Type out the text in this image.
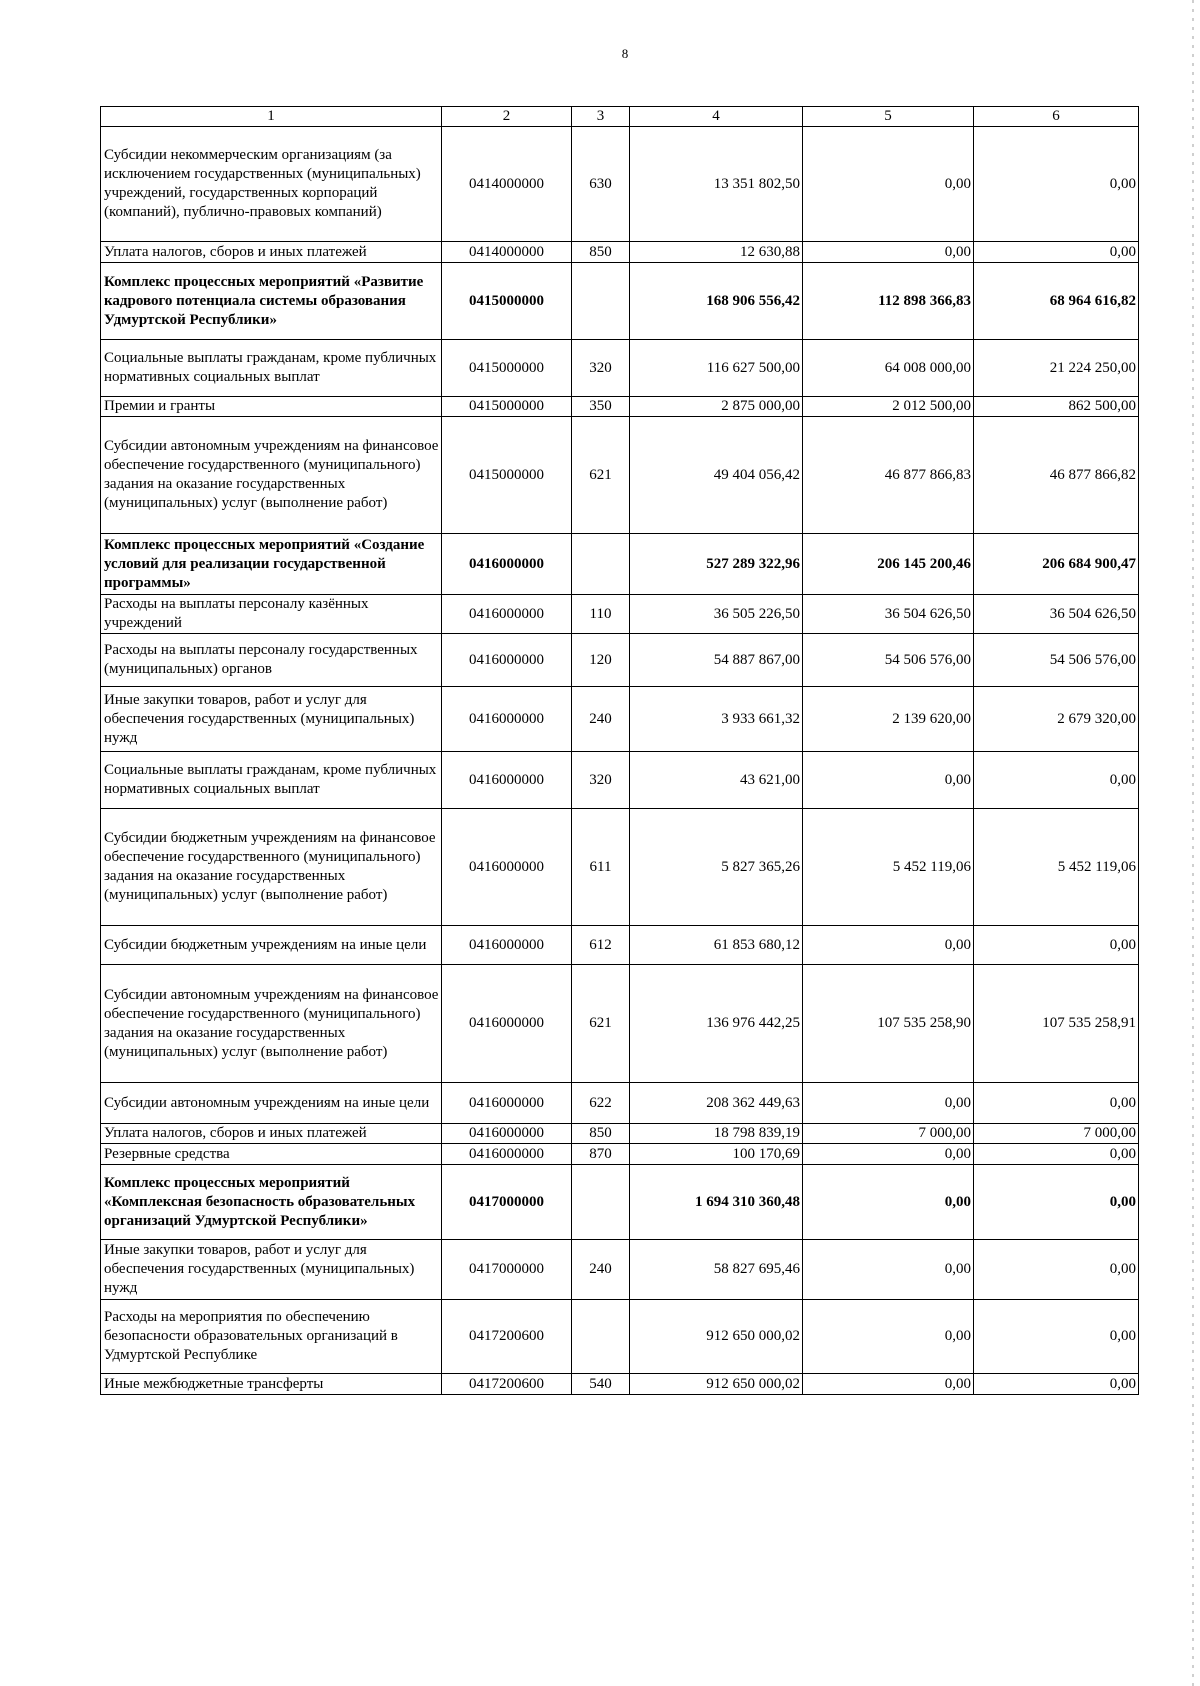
8
1	2	3	4	5	6
Субсидии некоммерческим организациям (за исключением государственных (муниципальных) учреждений, государственных корпораций (компаний), публично-правовых компаний)	0414000000	630	13 351 802,50	0,00	0,00
Уплата налогов, сборов и иных платежей	0414000000	850	12 630,88	0,00	0,00
Комплекс процессных мероприятий «Развитие кадрового потенциала системы образования Удмуртской Республики»	0415000000		168 906 556,42	112 898 366,83	68 964 616,82
Социальные выплаты гражданам, кроме публичных нормативных социальных выплат	0415000000	320	116 627 500,00	64 008 000,00	21 224 250,00
Премии и гранты	0415000000	350	2 875 000,00	2 012 500,00	862 500,00
Субсидии автономным учреждениям на финансовое обеспечение государственного (муниципального) задания на оказание государственных (муниципальных) услуг (выполнение работ)	0415000000	621	49 404 056,42	46 877 866,83	46 877 866,82
Комплекс процессных мероприятий «Создание условий для реализации государственной программы»	0416000000		527 289 322,96	206 145 200,46	206 684 900,47
Расходы на выплаты персоналу казённых учреждений	0416000000	110	36 505 226,50	36 504 626,50	36 504 626,50
Расходы на выплаты персоналу государственных (муниципальных) органов	0416000000	120	54 887 867,00	54 506 576,00	54 506 576,00
Иные закупки товаров, работ и услуг для обеспечения государственных (муниципальных) нужд	0416000000	240	3 933 661,32	2 139 620,00	2 679 320,00
Социальные выплаты гражданам, кроме публичных нормативных социальных выплат	0416000000	320	43 621,00	0,00	0,00
Субсидии бюджетным учреждениям на финансовое обеспечение государственного (муниципального) задания на оказание государственных (муниципальных) услуг (выполнение работ)	0416000000	611	5 827 365,26	5 452 119,06	5 452 119,06
Субсидии бюджетным учреждениям на иные цели	0416000000	612	61 853 680,12	0,00	0,00
Субсидии автономным учреждениям на финансовое обеспечение государственного (муниципального) задания на оказание государственных (муниципальных) услуг (выполнение работ)	0416000000	621	136 976 442,25	107 535 258,90	107 535 258,91
Субсидии автономным учреждениям на иные цели	0416000000	622	208 362 449,63	0,00	0,00
Уплата налогов, сборов и иных платежей	0416000000	850	18 798 839,19	7 000,00	7 000,00
Резервные средства	0416000000	870	100 170,69	0,00	0,00
Комплекс процессных мероприятий «Комплексная безопасность образовательных организаций Удмуртской Республики»	0417000000		1 694 310 360,48	0,00	0,00
Иные закупки товаров, работ и услуг для обеспечения государственных (муниципальных) нужд	0417000000	240	58 827 695,46	0,00	0,00
Расходы на мероприятия по обеспечению безопасности образовательных организаций в Удмуртской Республике	0417200600		912 650 000,02	0,00	0,00
Иные межбюджетные трансферты	0417200600	540	912 650 000,02	0,00	0,00
